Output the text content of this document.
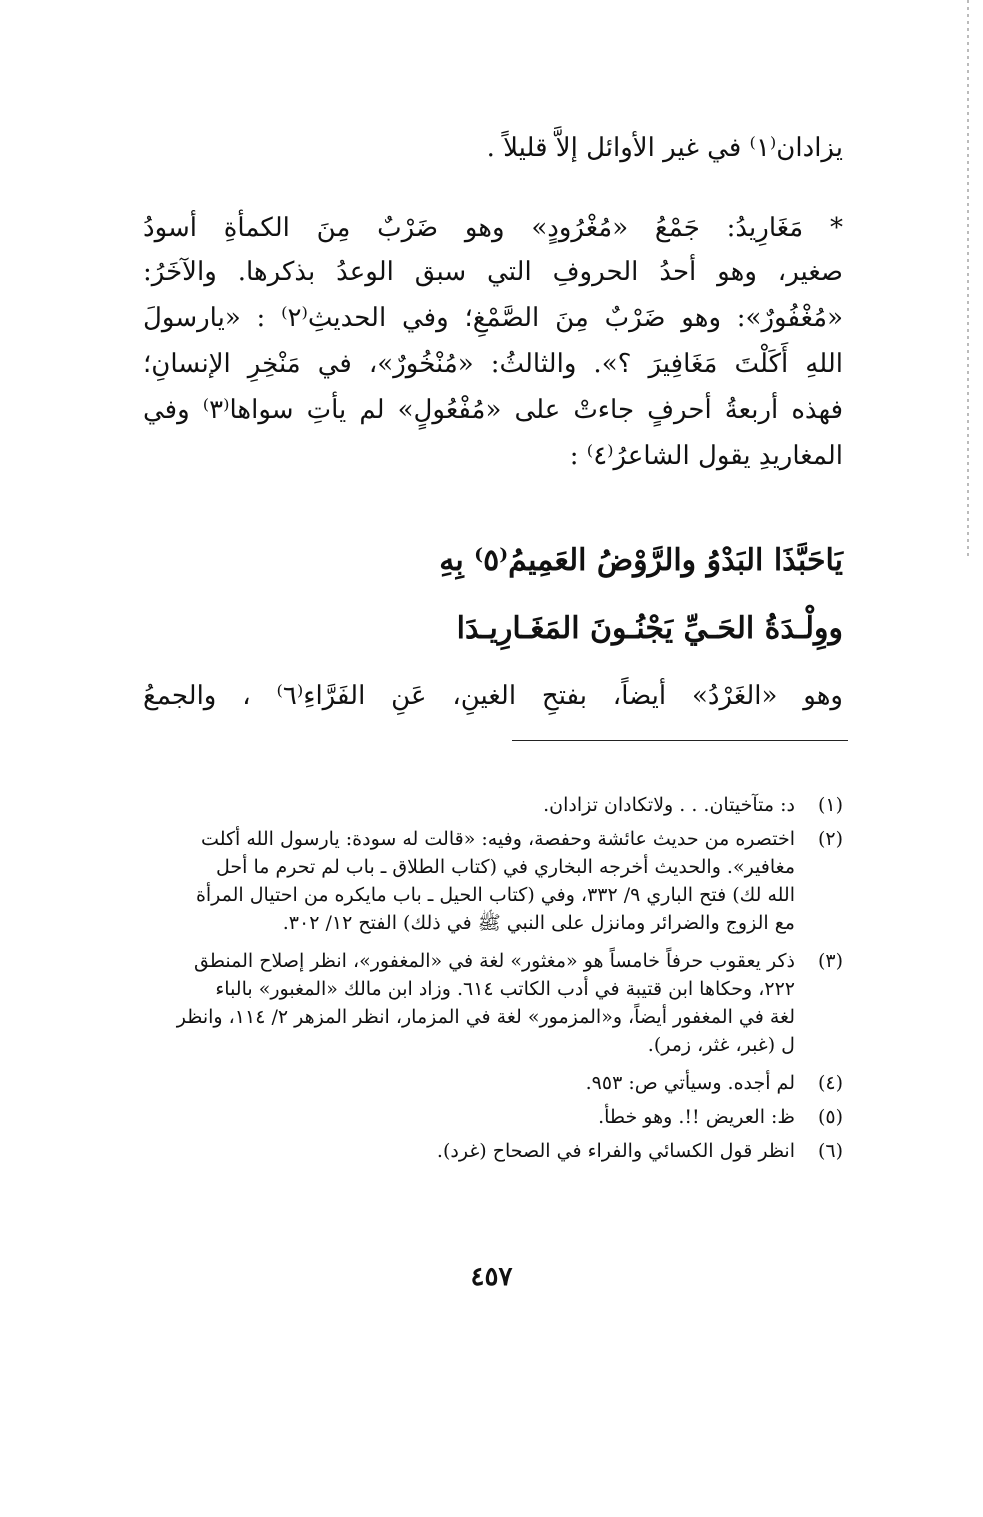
يزادان⁽١⁾ في غير الأوائل إلاَّ قليلاً .
* مَغَارِيدُ: جَمْعُ «مُغْرُودٍ» وهو ضَرْبٌ مِنَ الكمأةِ أسودُ
صغير، وهو أحدُ الحروفِ التي سبق الوعدُ بذكرها. والآخَرُ:
«مُغْفُورٌ»: وهو ضَرْبٌ مِنَ الصَّمْغِ؛ وفي الحديثِ⁽٢⁾ : «يارسولَ
اللهِ أَكَلْتَ مَغَافِيرَ ؟». والثالثُ: «مُنْخُورٌ»، في مَنْخِرِ الإنسانِ؛
فهذه أربعةُ أحرفٍ جاءتْ على «مُفْعُولٍ» لم يأتِ سواها⁽٣⁾ وفي
المغاريدِ يقول الشاعرُ⁽٤⁾ :
يَاحَبَّذَا البَدْوُ والرَّوْضُ العَمِيمُ⁽٥⁾ بِهِ
ووِلْـدَةُ الحَـيِّ يَجْنُـونَ المَغَـارِيـدَا
وهو «الغَرْدُ» أيضاً، بفتحِ الغينِ، عَنِ الفَرَّاءِ⁽٦⁾ ، والجمعُ
(١)د: متآخيتان. . . ولاتكادان تزادان.
(٢)اختصره من حديث عائشة وحفصة، وفيه: «قالت له سودة: يارسول الله أكلت
مغافير». والحديث أخرجه البخاري في (كتاب الطلاق ـ باب لم تحرم ما أحل
الله لك) فتح الباري ٩/ ٣٣٢، وفي (كتاب الحيل ـ باب مايكره من احتيال المرأة
مع الزوج والضرائر ومانزل على النبي ﷺ في ذلك) الفتح ١٢/ ٣٠٢.
(٣)ذكر يعقوب حرفاً خامساً هو «مغثور» لغة في «المغفور»، انظر إصلاح المنطق
٢٢٢، وحكاها ابن قتيبة في أدب الكاتب ٦١٤. وزاد ابن مالك «المغبور» بالباء
لغة في المغفور أيضاً، و«المزمور» لغة في المزمار، انظر المزهر ٢/ ١١٤، وانظر
ل (غبر، غثر، زمر).
(٤)لم أجده. وسيأتي ص: ٩٥٣.
(٥)ظ: العريض !!. وهو خطأ.
(٦)انظر قول الكسائي والفراء في الصحاح (غرد).
٤٥٧
